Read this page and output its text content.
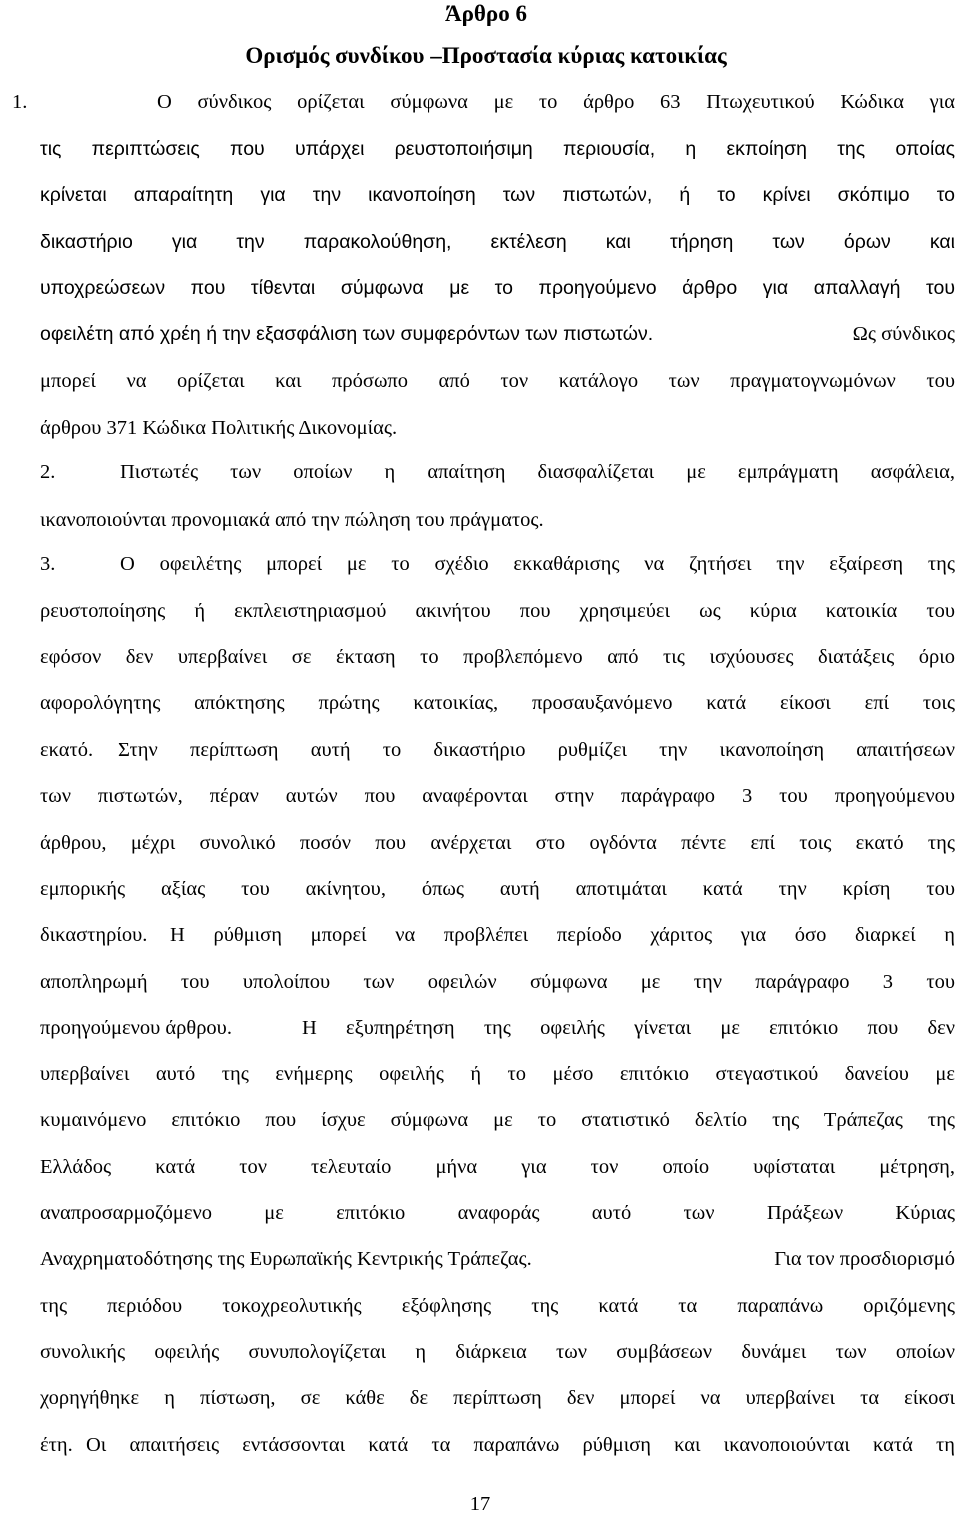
Άρθρο 6
Ορισμός συνδίκου –Προστασία κύριας κατοικίας
1.	Ο σύνδικος ορίζεται σύμφωνα με το άρθρο 63 Πτωχευτικού Κώδικα για
τις περιπτώσεις που υπάρχει ρευστοποιήσιμη περιουσία, η εκποίηση της οποίας
κρίνεται απαραίτητη για την ικανοποίηση των πιστωτών, ή το κρίνει σκόπιμο το
δικαστήριο για την παρακολούθηση, εκτέλεση και τήρηση των όρων και
υποχρεώσεων που τίθενται σύμφωνα με το προηγούμενο άρθρο για απαλλαγή του
οφειλέτη από χρέη ή την εξασφάλιση των συμφερόντων των πιστωτών.	Ως σύνδικος
μπορεί να ορίζεται και πρόσωπο από τον κατάλογο των πραγματογνωμόνων του
άρθρου 371 Κώδικα Πολιτικής Δικονομίας.
2.	Πιστωτές των οποίων η απαίτηση διασφαλίζεται με εμπράγματη ασφάλεια,
ικανοποιούνται προνομιακά από την πώληση του πράγματος.
3.	Ο οφειλέτης μπορεί με το σχέδιο εκκαθάρισης να ζητήσει την εξαίρεση της
ρευστοποίησης ή εκπλειστηριασμού ακινήτου που χρησιμεύει ως κύρια κατοικία του
εφόσον δεν υπερβαίνει σε έκταση το προβλεπόμενο από τις ισχύουσες διατάξεις όριο
αφορολόγητης απόκτησης πρώτης κατοικίας, προσαυξανόμενο κατά είκοσι επί τοις
εκατό. Στην περίπτωση αυτή το δικαστήριο ρυθμίζει την ικανοποίηση απαιτήσεων
των πιστωτών, πέραν αυτών που αναφέρονται στην παράγραφο 3 του προηγούμενου
άρθρου, μέχρι συνολικό ποσόν που ανέρχεται στο ογδόντα πέντε επί τοις εκατό της
εμπορικής αξίας του ακίνητου, όπως αυτή αποτιμάται κατά την κρίση του
δικαστηρίου. Η ρύθμιση μπορεί να προβλέπει περίοδο χάριτος για όσο διαρκεί η
αποπληρωμή του υπολοίπου των οφειλών σύμφωνα με την παράγραφο 3 του
προηγούμενου άρθρου.	Η εξυπηρέτηση της οφειλής γίνεται με επιτόκιο που δεν
υπερβαίνει αυτό της ενήμερης οφειλής ή το μέσο επιτόκιο στεγαστικού δανείου με
κυμαινόμενο επιτόκιο που ίσχυε σύμφωνα με το στατιστικό δελτίο της Τράπεζας της
Ελλάδος κατά τον τελευταίο μήνα για τον οποίο υφίσταται μέτρηση,
αναπροσαρμοζόμενο με επιτόκιο αναφοράς αυτό των Πράξεων Κύριας
Αναχρηματοδότησης της Ευρωπαϊκής Κεντρικής Τράπεζας.	Για τον προσδιορισμό
της περιόδου τοκοχρεολυτικής εξόφλησης της κατά τα παραπάνω οριζόμενης
συνολικής οφειλής συνυπολογίζεται η διάρκεια των συμβάσεων δυνάμει των οποίων
χορηγήθηκε η πίστωση, σε κάθε δε περίπτωση δεν μπορεί να υπερβαίνει τα είκοσι
έτη. Οι απαιτήσεις εντάσσονται κατά τα παραπάνω ρύθμιση και ικανοποιούνται κατά τη
17
